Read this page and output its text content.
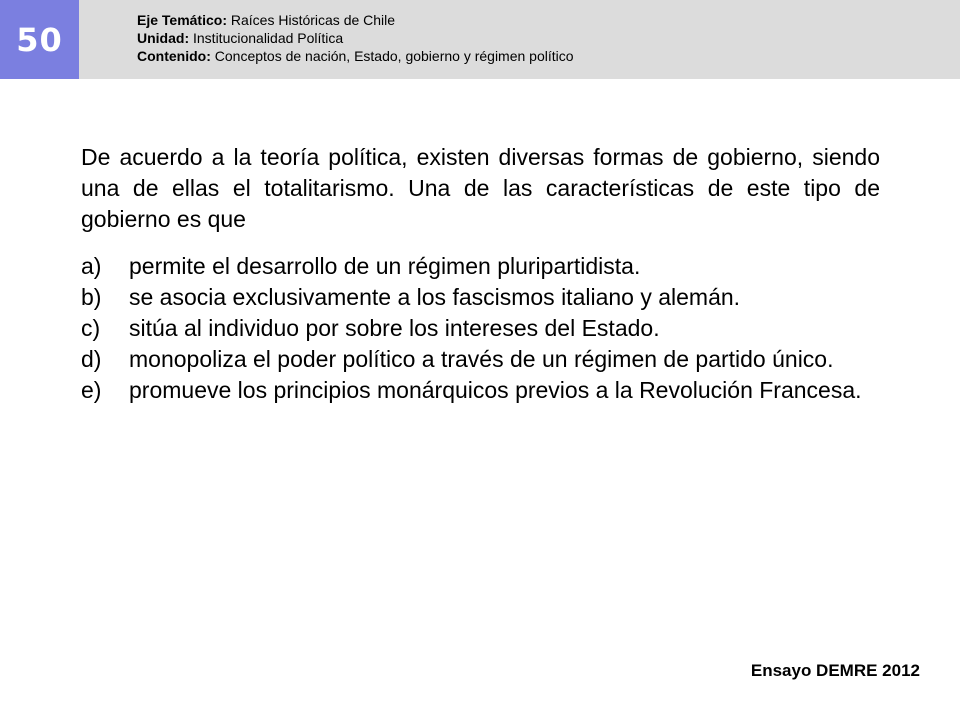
50
Eje Temático: Raíces Históricas de Chile
Unidad: Institucionalidad Política
Contenido: Conceptos de nación, Estado, gobierno y régimen político

De acuerdo a la teoría política, existen diversas formas de gobierno, siendo una de ellas el totalitarismo. Una de las características de este tipo de gobierno es que

a)	permite el desarrollo de un régimen pluripartidista.
b)	se asocia exclusivamente a los fascismos italiano y alemán.
c)	sitúa al individuo por sobre los intereses del Estado.
d)	monopoliza el poder político a través de un régimen de partido único.
e)	promueve los principios monárquicos previos a la Revolución Francesa.
Ensayo DEMRE 2012
